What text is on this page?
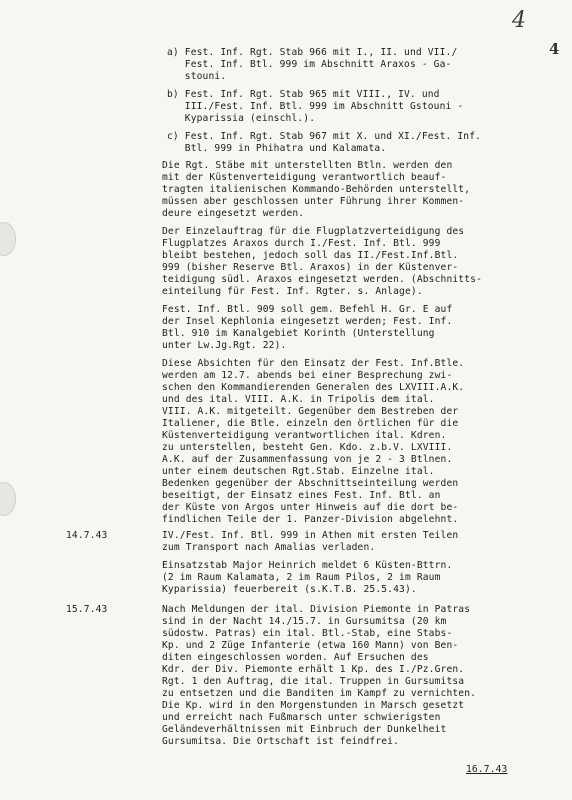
4
4
a) Fest. Inf. Rgt. Stab 966 mit I., II. und VII./
Fest. Inf. Btl. 999 im Abschnitt Araxos - Ga-
stouni.
b) Fest. Inf. Rgt. Stab 965 mit VIII., IV. und
III./Fest. Inf. Btl. 999 im Abschnitt Gstouni -
Kyparissia (einschl.).
c) Fest. Inf. Rgt. Stab 967 mit X. und XI./Fest. Inf.
Btl. 999 in Phihatra und Kalamata.
Die Rgt. Stäbe mit unterstellten Btln. werden den
mit der Küstenverteidigung verantwortlich beauf-
tragten italienischen Kommando-Behörden unterstellt,
müssen aber geschlossen unter Führung ihrer Kommen-
deure eingesetzt werden.
Der Einzelauftrag für die Flugplatzverteidigung des
Flugplatzes Araxos durch I./Fest. Inf. Btl. 999
bleibt bestehen, jedoch soll das II./Fest.Inf.Btl.
999 (bisher Reserve Btl. Araxos) in der Küstenver-
teidigung südl. Araxos eingesetzt werden. (Abschnitts-
einteilung für Fest. Inf. Rgter. s. Anlage).
Fest. Inf. Btl. 909 soll gem. Befehl H. Gr. E auf
der Insel Kephlonia eingesetzt werden; Fest. Inf.
Btl. 910 im Kanalgebiet Korinth (Unterstellung
unter Lw.Jg.Rgt. 22).
Diese Absichten für den Einsatz der Fest. Inf.Btle.
werden am 12.7. abends bei einer Besprechung zwi-
schen den Kommandierenden Generalen des LXVIII.A.K.
und des ital. VIII. A.K. in Tripolis dem ital.
VIII. A.K. mitgeteilt. Gegenüber dem Bestreben der
Italiener, die Btle. einzeln den örtlichen für die
Küstenverteidigung verantwortlichen ital. Kdren.
zu unterstellen, besteht Gen. Kdo. z.b.V. LXVIII.
A.K. auf der Zusammenfassung von je 2 - 3 Btlnen.
unter einem deutschen Rgt.Stab. Einzelne ital.
Bedenken gegenüber der Abschnittseinteilung werden
beseitigt, der Einsatz eines Fest. Inf. Btl. an
der Küste von Argos unter Hinweis auf die dort be-
findlichen Teile der 1. Panzer-Division abgelehnt.
14.7.43	IV./Fest. Inf. Btl. 999 in Athen mit ersten Teilen
zum Transport nach Amalias verladen.
Einsatzstab Major Heinrich meldet 6 Küsten-Bttrn.
(2 im Raum Kalamata, 2 im Raum Pilos, 2 im Raum
Kyparissia) feuerbereit (s.K.T.B. 25.5.43).
15.7.43	Nach Meldungen der ital. Division Piemonte in Patras
sind in der Nacht 14./15.7. in Gursumitsa (20 km
südostw. Patras) ein ital. Btl.-Stab, eine Stabs-
Kp. und 2 Züge Infanterie (etwa 160 Mann) von Ben-
diten eingeschlossen worden. Auf Ersuchen des
Kdr. der Div. Piemonte erhält 1 Kp. des I./Pz.Gren.
Rgt. 1 den Auftrag, die ital. Truppen in Gursumitsa
zu entsetzen und die Banditen im Kampf zu vernichten.
Die Kp. wird in den Morgenstunden in Marsch gesetzt
und erreicht nach Fußmarsch unter schwierigsten
Geländeverhältnissen mit Einbruch der Dunkelheit
Gursumitsa. Die Ortschaft ist feindfrei.
16.7.43
